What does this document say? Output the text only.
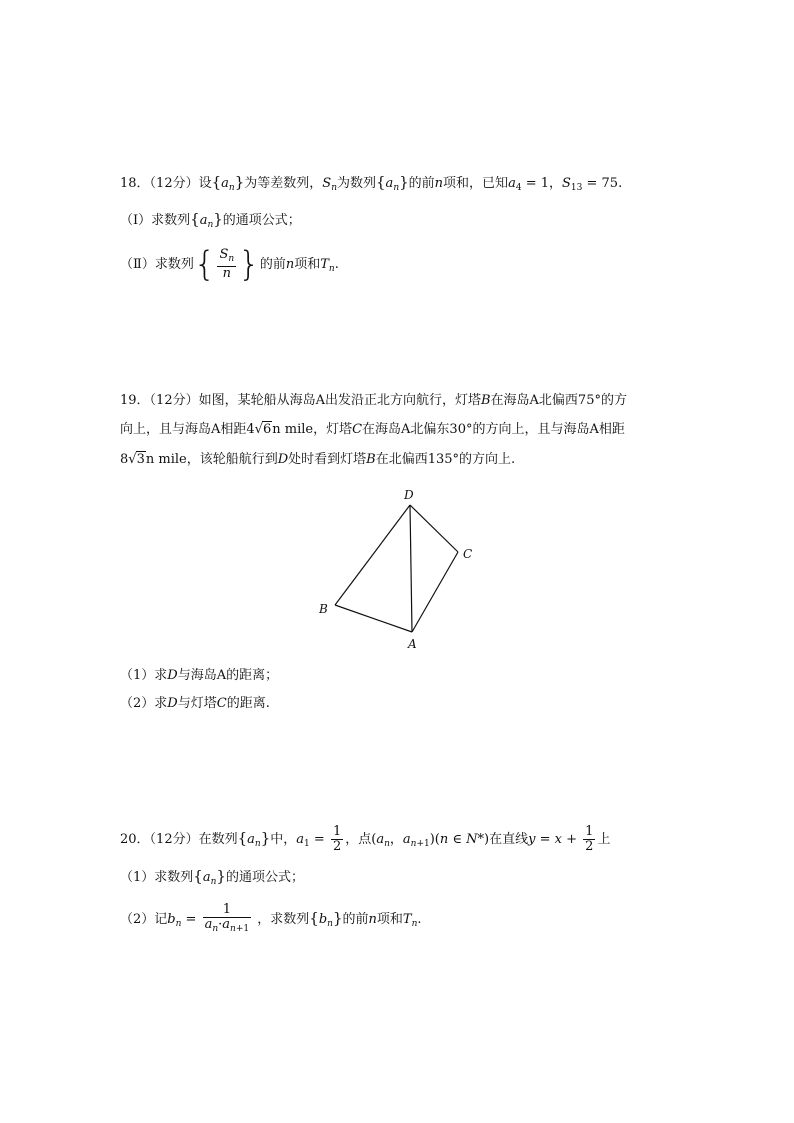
18．（12分）设$\{a_n\}$为等差数列，$S_n$为数列$\{a_n\}$的前n项和，已知$a_4 = 1$，$S_{13} = 75$.
（Ⅰ）求数列$\{a_n\}$的通项公式；
（Ⅱ）求数列{ $\frac{S_n}{n}$ }的前n项和$T_n$.
19．（12分）如图，某轮船从海岛A出发沿正北方向航行，灯塔B在海岛A北偏西75°的方
向上，且与海岛A相距4√6n mile，灯塔C在海岛A北偏东30°的方向上，且与海岛A相距
8√3n mile，该轮船航行到D处时看到灯塔B在北偏西135°的方向上.
D
C
B
A
（1）求D与海岛A的距离；
（2）求D与灯塔C的距离.
20．（12分）在数列$\{a_n\}$中，$a_1 = \frac{1}{2}$ ，点($a_n$，$a_{n+1})(n$ ∈ N*)在直线$y = x + \frac{1}{2}$ 上
（1）求数列$\{a_n\}$的通项公式；
（2）记$b_n = \frac{1}{a_n\cdot a_{n+1}}$ ，求数列$\{b_n\}$的前n项和$T_n$.
